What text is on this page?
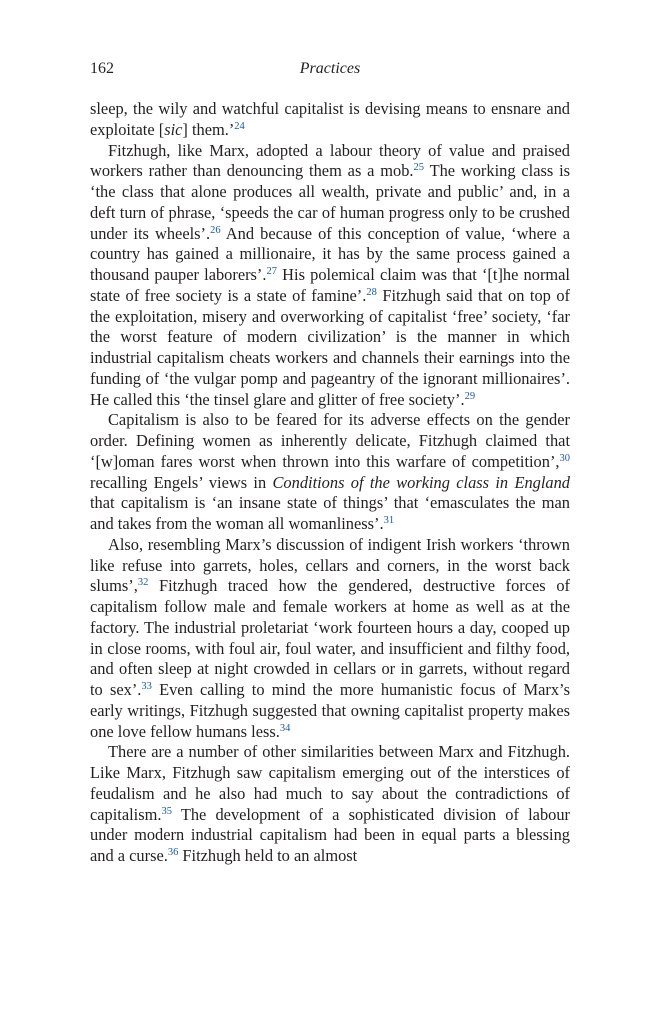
162	Practices

sleep, the wily and watchful capitalist is devising means to ensnare and exploitate [sic] them.’$^{24}$

Fitzhugh, like Marx, adopted a labour theory of value and praised workers rather than denouncing them as a mob.$^{25}$ The working class is ‘the class that alone produces all wealth, private and public’ and, in a deft turn of phrase, ‘speeds the car of human progress only to be crushed under its wheels’.$^{26}$ And because of this conception of value, ‘where a country has gained a millionaire, it has by the same process gained a thousand pauper laborers’.$^{27}$ His polemical claim was that ‘[t]he normal state of free society is a state of famine’.$^{28}$ Fitzhugh said that on top of the exploitation, misery and overworking of capitalist ‘free’ society, ‘far the worst feature of modern civilization’ is the manner in which industrial capitalism cheats workers and channels their earnings into the funding of ‘the vulgar pomp and pageantry of the ignorant millionaires’. He called this ‘the tinsel glare and glitter of free society’.$^{29}$

Capitalism is also to be feared for its adverse effects on the gender order. Defining women as inherently delicate, Fitzhugh claimed that ‘[w]oman fares worst when thrown into this warfare of competition’,$^{30}$ recalling Engels’ views in Conditions of the working class in England that capitalism is ‘an insane state of things’ that ‘emasculates the man and takes from the woman all womanliness’.$^{31}$

Also, resembling Marx’s discussion of indigent Irish workers ‘thrown like refuse into garrets, holes, cellars and corners, in the worst back slums’,$^{32}$ Fitzhugh traced how the gendered, destructive forces of capitalism follow male and female workers at home as well as at the factory. The industrial proletariat ‘work fourteen hours a day, cooped up in close rooms, with foul air, foul water, and insufficient and filthy food, and often sleep at night crowded in cellars or in garrets, without regard to sex’.$^{33}$ Even calling to mind the more humanistic focus of Marx’s early writings, Fitzhugh suggested that owning capitalist property makes one love fellow humans less.$^{34}$

There are a number of other similarities between Marx and Fitzhugh. Like Marx, Fitzhugh saw capitalism emerging out of the interstices of feudalism and he also had much to say about the contradictions of capitalism.$^{35}$ The development of a sophisticated division of labour under modern industrial capitalism had been in equal parts a blessing and a curse.$^{36}$ Fitzhugh held to an almost
